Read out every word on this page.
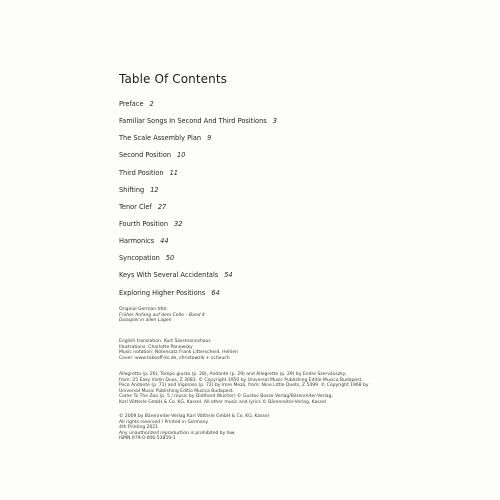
Table Of Contents
Preface 2
Familiar Songs In Second And Third Positions 3
The Scale Assembly Plan 9
Second Position 10
Third Position 11
Shifting 12
Tenor Clef 27
Fourth Position 32
Harmonics 44
Syncopation 50
Keys With Several Accidentals 54
Exploring Higher Positions 64
Original German title:
Früher Anfang auf dem Cello – Band 4
Duospiel in allen Lagen
English translation: Kurt Sassmannshaus
Illustrations: Charlotte Panowsky
Music notation: Notensatz Frank Litterscheid, Hehlen
Cover: www.takeoff-ks.de, christowzik + scheuch
Allegretto (p. 26), Tempo giusto (p. 28), Andante (p. 29) and Allegretto (p. 29) by Endre Szervánszky,
from: 25 Easy Violin Duos, Z 3083. © Copyright 1950 by Universal Music Publishing Editio Musica Budapest.
Poco Andante (p. 71) and Vigoroso (p. 72) by Imre Mezö, from: Nine Little Duets, Z 5499. © Copyright 1968 by
Universal Music Publishing Editio Musica Budapest.
Come To The Zoo (p. 5 / music by Diethard Wucher) © Gustav Bosse Verlag/Bärenreiter-Verlag,
Karl Vötterle GmbH & Co. KG, Kassel. All other music and lyrics © Bärenreiter-Verlag, Kassel
© 2009 by Bärenreiter-Verlag Karl Vötterle GmbH & Co. KG, Kassel
All rights reserved / Printed in Germany
4th Printing 2021
Any unauthorized reproduction is prohibited by law.
ISMN 979-0-006-53859-1
